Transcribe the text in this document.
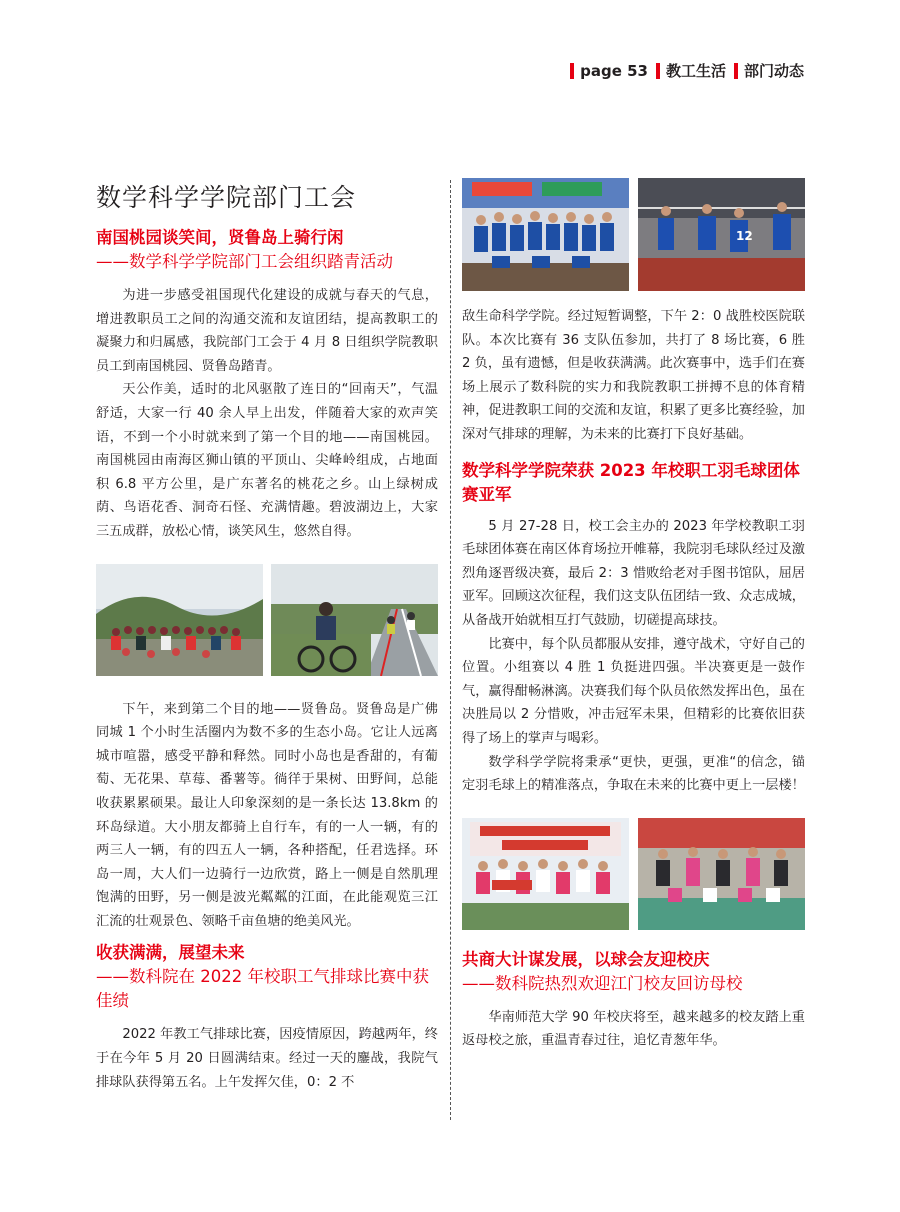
page 53 教工生活 部门动态
数学科学学院部门工会
南国桃园谈笑间，贤鲁岛上骑行闲
——数学科学学院部门工会组织踏青活动

为进一步感受祖国现代化建设的成就与春天的气息，增进教职员工之间的沟通交流和友谊团结，提高教职工的凝聚力和归属感，我院部门工会于 4 月 8 日组织学院教职员工到南国桃园、贤鲁岛踏青。

天公作美，适时的北风驱散了连日的“回南天”，气温舒适，大家一行 40 余人早上出发，伴随着大家的欢声笑语，不到一个小时就来到了第一个目的地——南国桃园。南国桃园由南海区狮山镇的平顶山、尖峰岭组成，占地面积 6.8 平方公里，是广东著名的桃花之乡。山上绿树成荫、鸟语花香、洞奇石怪、充满情趣。碧波湖边上，大家三五成群，放松心情，谈笑风生，悠然自得。

下午，来到第二个目的地——贤鲁岛。贤鲁岛是广佛同城 1 个小时生活圈内为数不多的生态小岛。它让人远离城市喧嚣，感受平静和释然。同时小岛也是香甜的，有葡萄、无花果、草莓、番薯等。徜徉于果树、田野间，总能收获累累硕果。最让人印象深刻的是一条长达 13.8km 的环岛绿道。大小朋友都骑上自行车，有的一人一辆，有的两三人一辆，有的四五人一辆，各种搭配，任君选择。环岛一周，大人们一边骑行一边欣赏，路上一侧是自然肌理饱满的田野，另一侧是波光粼粼的江面，在此能观览三江汇流的壮观景色、领略千亩鱼塘的绝美风光。

收获满满，展望未来
——数科院在 2022 年校职工气排球比赛中获佳绩

2022 年教工气排球比赛，因疫情原因，跨越两年，终于在今年 5 月 20 日圆满结束。经过一天的鏖战，我院气排球队获得第五名。上午发挥欠佳，0：2 不

12

敌生命科学学院。经过短暂调整，下午 2：0 战胜校医院联队。本次比赛有 36 支队伍参加，共打了 8 场比赛，6 胜 2 负，虽有遗憾，但是收获满满。此次赛事中，选手们在赛场上展示了数科院的实力和我院教职工拼搏不息的体育精神，促进教职工间的交流和友谊，积累了更多比赛经验，加深对气排球的理解，为未来的比赛打下良好基础。

数学科学学院荣获 2023 年校职工羽毛球团体赛亚军

5 月 27-28 日，校工会主办的 2023 年学校教职工羽毛球团体赛在南区体育场拉开帷幕，我院羽毛球队经过及激烈角逐晋级决赛，最后 2：3 惜败给老对手图书馆队，屈居亚军。回顾这次征程，我们这支队伍团结一致、众志成城，从备战开始就相互打气鼓励，切磋提高球技。

比赛中，每个队员都服从安排，遵守战术，守好自己的位置。小组赛以 4 胜 1 负挺进四强。半决赛更是一鼓作气，赢得酣畅淋漓。决赛我们每个队员依然发挥出色，虽在决胜局以 2 分惜败，冲击冠军未果，但精彩的比赛依旧获得了场上的掌声与喝彩。

数学科学学院将秉承“更快，更强，更准“的信念，锚定羽毛球上的精准落点，争取在未来的比赛中更上一层楼！

共商大计谋发展，以球会友迎校庆
——数科院热烈欢迎江门校友回访母校

华南师范大学 90 年校庆将至，越来越多的校友踏上重返母校之旅，重温青春过往，追忆青葱年华。
